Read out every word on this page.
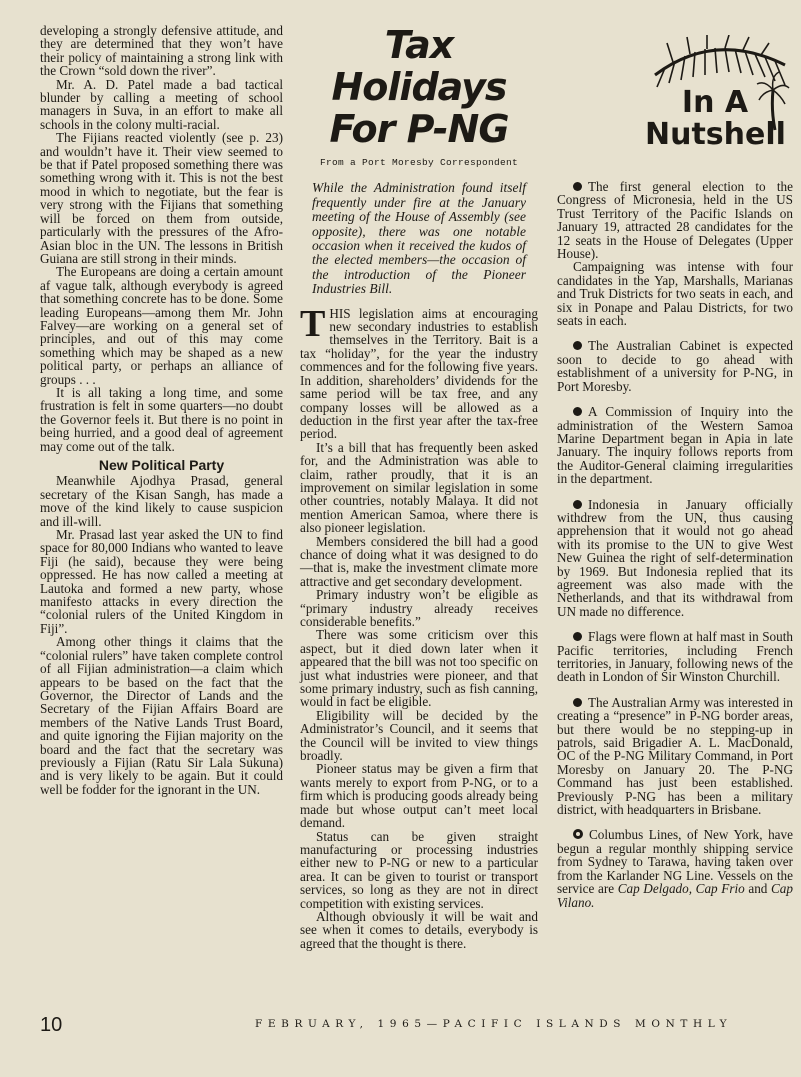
developing a strongly defensive attitude, and they are determined that they won’t have their policy of maintaining a strong link with the Crown “sold down the river”.

Mr. A. D. Patel made a bad tactical blunder by calling a meeting of school managers in Suva, in an effort to make all schools in the colony multi-racial.

The Fijians reacted violently (see p. 23) and wouldn’t have it. Their view seemed to be that if Patel proposed something there was something wrong with it. This is not the best mood in which to negotiate, but the fear is very strong with the Fijians that something will be forced on them from outside, particularly with the pressures of the Afro-Asian bloc in the UN. The lessons in British Guiana are still strong in their minds.

The Europeans are doing a certain amount af vague talk, although everybody is agreed that something concrete has to be done. Some leading Europeans—among them Mr. John Falvey—are working on a general set of principles, and out of this may come something which may be shaped as a new political party, or perhaps an alliance of groups . . .

It is all taking a long time, and some frustration is felt in some quarters—no doubt the Governor feels it. But there is no point in being hurried, and a good deal of agreement may come out of the talk.

New Political Party

Meanwhile Ajodhya Prasad, general secretary of the Kisan Sangh, has made a move of the kind likely to cause suspicion and ill-will.

Mr. Prasad last year asked the UN to find space for 80,000 Indians who wanted to leave Fiji (he said), because they were being oppressed. He has now called a meeting at Lautoka and formed a new party, whose manifesto attacks in every direction the “colonial rulers of the United Kingdom in Fiji”.

Among other things it claims that the “colonial rulers” have taken complete control of all Fijian administration—a claim which appears to be based on the fact that the Governor, the Director of Lands and the Secretary of the Fijian Affairs Board are members of the Native Lands Trust Board, and quite ignoring the Fijian majority on the board and the fact that the secretary was previously a Fijian (Ratu Sir Lala Sukuna) and is very likely to be again. But it could well be fodder for the ignorant in the UN.

Tax Holidays
For P-NG
From a Port Moresby Correspondent
While the Administration found itself frequently under fire at the January meeting of the House of Assembly (see opposite), there was one notable occasion when it received the kudos of the elected members—the occasion of the introduction of the Pioneer Industries Bill.

THIS legislation aims at encouraging new secondary industries to establish themselves in the Territory. Bait is a tax “holiday”, for the year the industry commences and for the following five years. In addition, shareholders’ dividends for the same period will be tax free, and any company losses will be allowed as a deduction in the first year after the tax-free period.

It’s a bill that has frequently been asked for, and the Administration was able to claim, rather proudly, that it is an improvement on similar legislation in some other countries, notably Malaya. It did not mention American Samoa, where there is also pioneer legislation.

Members considered the bill had a good chance of doing what it was designed to do—that is, make the investment climate more attractive and get secondary development.

Primary industry won’t be eligible as “primary industry already receives considerable benefits.”

There was some criticism over this aspect, but it died down later when it appeared that the bill was not too specific on just what industries were pioneer, and that some primary industry, such as fish canning, would in fact be eligible.

Eligibility will be decided by the Administrator’s Council, and it seems that the Council will be invited to view things broadly.

Pioneer status may be given a firm that wants merely to export from P-NG, or to a firm which is producing goods already being made but whose output can’t meet local demand.

Status can be given straight manufacturing or processing industries either new to P-NG or new to a particular area. It can be given to tourist or transport services, so long as they are not in direct competition with existing services.

Although obviously it will be wait and see when it comes to details, everybody is agreed that the thought is there.

In A
Nutshell

The first general election to the Congress of Micronesia, held in the US Trust Territory of the Pacific Islands on January 19, attracted 28 candidates for the 12 seats in the House of Delegates (Upper House).

Campaigning was intense with four candidates in the Yap, Marshalls, Marianas and Truk Districts for two seats in each, and six in Ponape and Palau Districts, for two seats in each.

The Australian Cabinet is expected soon to decide to go ahead with establishment of a university for P-NG, in Port Moresby.

A Commission of Inquiry into the administration of the Western Samoa Marine Department began in Apia in late January. The inquiry follows reports from the Auditor-General claiming irregularities in the department.

Indonesia in January officially withdrew from the UN, thus causing apprehension that it would not go ahead with its promise to the UN to give West New Guinea the right of self-determination by 1969. But Indonesia replied that its agreement was also made with the Netherlands, and that its withdrawal from UN made no difference.

Flags were flown at half mast in South Pacific territories, including French territories, in January, following news of the death in London of Sir Winston Churchill.

The Australian Army was interested in creating a “presence” in P-NG border areas, but there would be no stepping-up in patrols, said Brigadier A. L. MacDonald, OC of the P-NG Military Command, in Port Moresby on January 20. The P-NG Command has just been established. Previously P-NG has been a military district, with headquarters in Brisbane.

Columbus Lines, of New York, have begun a regular monthly shipping service from Sydney to Tarawa, having taken over from the Karlander NG Line. Vessels on the service are Cap Delgado, Cap Frio and Cap Vilano.

10	FEBRUARY, 1965—PACIFIC ISLANDS MONTHLY
